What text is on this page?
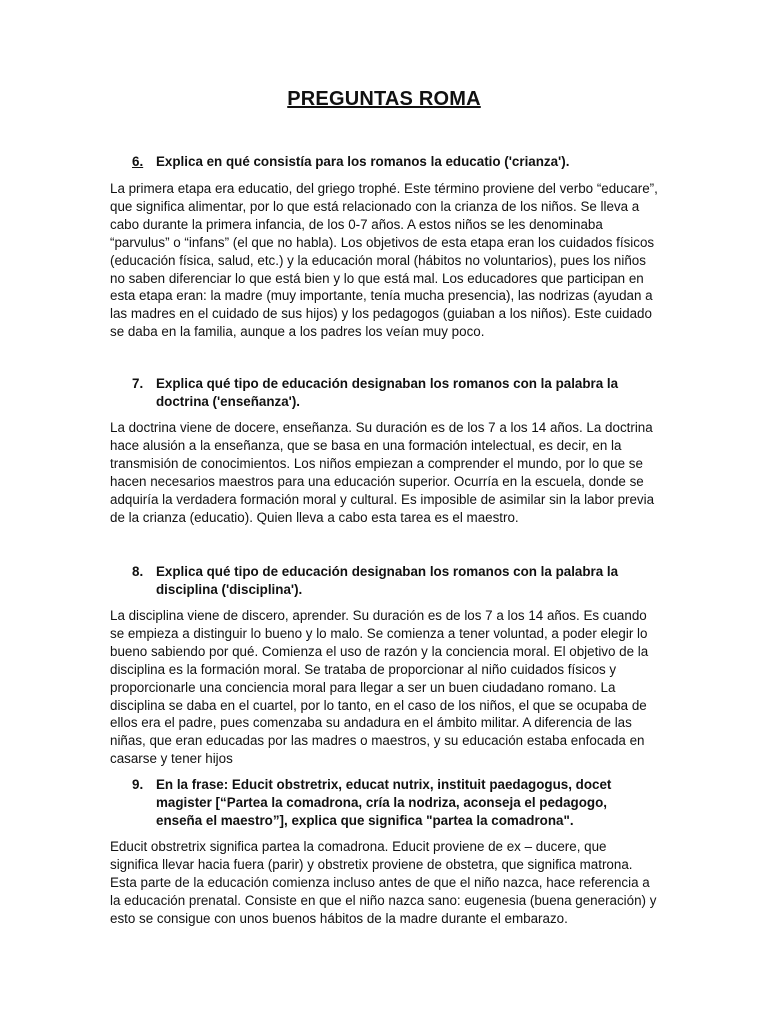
PREGUNTAS ROMA
6. Explica en qué consistía para los romanos la educatio ('crianza').
La primera etapa era educatio, del griego trophé. Este término proviene del verbo “educare”, que significa alimentar, por lo que está relacionado con la crianza de los niños. Se lleva a cabo durante la primera infancia, de los 0-7 años. A estos niños se les denominaba “parvulus” o “infans” (el que no habla). Los objetivos de esta etapa eran los cuidados físicos (educación física, salud, etc.) y la educación moral (hábitos no voluntarios), pues los niños no saben diferenciar lo que está bien y lo que está mal. Los educadores que participan en esta etapa eran: la madre (muy importante, tenía mucha presencia), las nodrizas (ayudan a las madres en el cuidado de sus hijos) y los pedagogos (guiaban a los niños). Este cuidado se daba en la familia, aunque a los padres los veían muy poco.
7. Explica qué tipo de educación designaban los romanos con la palabra la doctrina ('enseñanza').
La doctrina viene de docere, enseñanza. Su duración es de los 7 a los 14 años. La doctrina hace alusión a la enseñanza, que se basa en una formación intelectual, es decir, en la transmisión de conocimientos. Los niños empiezan a comprender el mundo, por lo que se hacen necesarios maestros para una educación superior. Ocurría en la escuela, donde se adquiría la verdadera formación moral y cultural. Es imposible de asimilar sin la labor previa de la crianza (educatio). Quien lleva a cabo esta tarea es el maestro.
8. Explica qué tipo de educación designaban los romanos con la palabra la disciplina ('disciplina').
La disciplina viene de discero, aprender. Su duración es de los 7 a los 14 años. Es cuando se empieza a distinguir lo bueno y lo malo. Se comienza a tener voluntad, a poder elegir lo bueno sabiendo por qué. Comienza el uso de razón y la conciencia moral. El objetivo de la disciplina es la formación moral. Se trataba de proporcionar al niño cuidados físicos y proporcionarle una conciencia moral para llegar a ser un buen ciudadano romano. La disciplina se daba en el cuartel, por lo tanto, en el caso de los niños, el que se ocupaba de ellos era el padre, pues comenzaba su andadura en el ámbito militar. A diferencia de las niñas, que eran educadas por las madres o maestros, y su educación estaba enfocada en casarse y tener hijos
9. En la frase: Educit obstretrix, educat nutrix, instituit paedagogus, docet magister [“Partea la comadrona, cría la nodriza, aconseja el pedagogo, enseña el maestro”], explica que significa "partea la comadrona".
Educit obstretrix significa partea la comadrona. Educit proviene de ex – ducere, que significa llevar hacia fuera (parir) y obstretix proviene de obstetra, que significa matrona. Esta parte de la educación comienza incluso antes de que el niño nazca, hace referencia a la educación prenatal. Consiste en que el niño nazca sano: eugenesia (buena generación) y esto se consigue con unos buenos hábitos de la madre durante el embarazo.
